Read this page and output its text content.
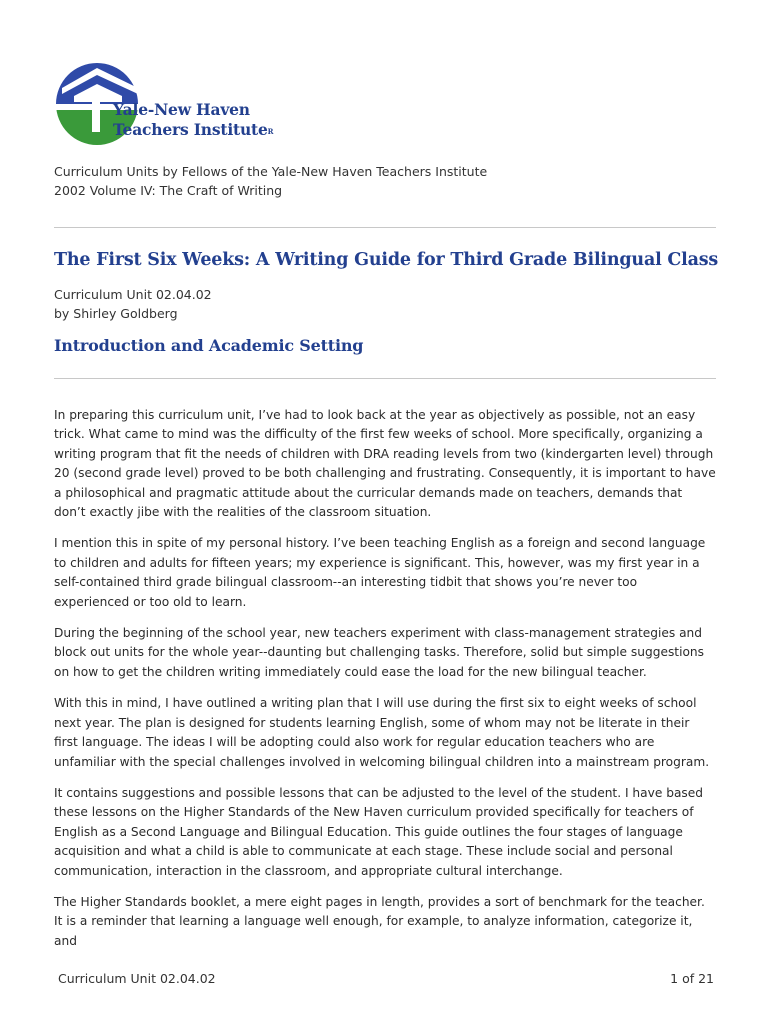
Yale-New Haven
Teachers Institute$^R$
Curriculum Units by Fellows of the Yale-New Haven Teachers Institute
2002 Volume IV: The Craft of Writing
The First Six Weeks: A Writing Guide for Third Grade Bilingual Class
Curriculum Unit 02.04.02
by Shirley Goldberg
Introduction and Academic Setting

In preparing this curriculum unit, I’ve had to look back at the year as objectively as possible, not an easy trick. What came to mind was the difficulty of the first few weeks of school. More specifically, organizing a writing program that fit the needs of children with DRA reading levels from two (kindergarten level) through 20 (second grade level) proved to be both challenging and frustrating. Consequently, it is important to have a philosophical and pragmatic attitude about the curricular demands made on teachers, demands that don’t exactly jibe with the realities of the classroom situation.

I mention this in spite of my personal history. I’ve been teaching English as a foreign and second language to children and adults for fifteen years; my experience is significant. This, however, was my first year in a self-contained third grade bilingual classroom--an interesting tidbit that shows you’re never too experienced or too old to learn.

During the beginning of the school year, new teachers experiment with class-management strategies and block out units for the whole year--daunting but challenging tasks. Therefore, solid but simple suggestions on how to get the children writing immediately could ease the load for the new bilingual teacher.

With this in mind, I have outlined a writing plan that I will use during the first six to eight weeks of school next year. The plan is designed for students learning English, some of whom may not be literate in their first language. The ideas I will be adopting could also work for regular education teachers who are unfamiliar with the special challenges involved in welcoming bilingual children into a mainstream program.

It contains suggestions and possible lessons that can be adjusted to the level of the student. I have based these lessons on the Higher Standards of the New Haven curriculum provided specifically for teachers of English as a Second Language and Bilingual Education. This guide outlines the four stages of language acquisition and what a child is able to communicate at each stage. These include social and personal communication, interaction in the classroom, and appropriate cultural interchange.

The Higher Standards booklet, a mere eight pages in length, provides a sort of benchmark for the teacher. It is a reminder that learning a language well enough, for example, to analyze information, categorize it, and

Curriculum Unit 02.04.02	1 of 21
